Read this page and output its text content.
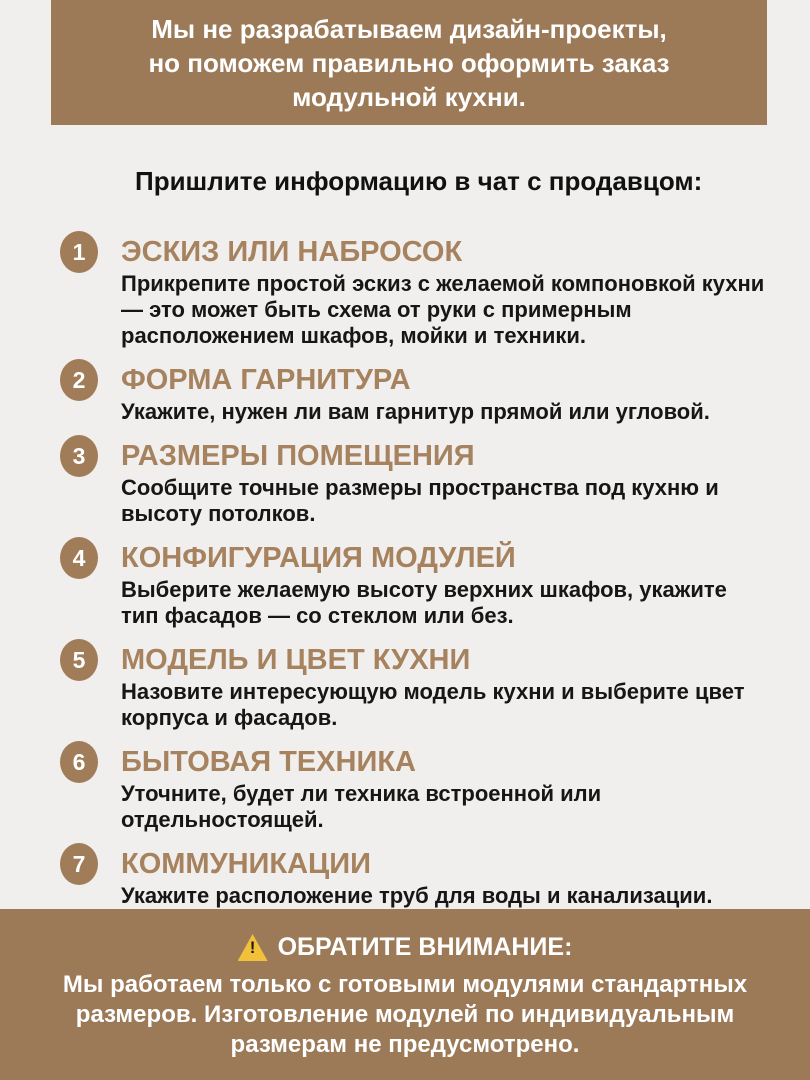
Мы не разрабатываем дизайн-проекты,
но поможем правильно оформить заказ
модульной кухни.
Пришлите информацию в чат с продавцом:
1	ЭСКИЗ ИЛИ НАБРОСОК
Прикрепите простой эскиз с желаемой компоновкой кухни — это может быть схема от руки с примерным расположением шкафов, мойки и техники.
2	ФОРМА ГАРНИТУРА
Укажите, нужен ли вам гарнитур прямой или угловой.
3	РАЗМЕРЫ ПОМЕЩЕНИЯ
Сообщите точные размеры пространства под кухню и высоту потолков.
4	КОНФИГУРАЦИЯ МОДУЛЕЙ
Выберите желаемую высоту верхних шкафов, укажите тип фасадов — со стеклом или без.
5	МОДЕЛЬ И ЦВЕТ КУХНИ
Назовите интересующую модель кухни и выберите цвет корпуса и фасадов.
6	БЫТОВАЯ ТЕХНИКА
Уточните, будет ли техника встроенной или отдельностоящей.
7	КОММУНИКАЦИИ
Укажите расположение труб для воды и канализации.
! ОБРАТИТЕ ВНИМАНИЕ:
Мы работаем только с готовыми модулями стандартных размеров. Изготовление модулей по индивидуальным размерам не предусмотрено.
